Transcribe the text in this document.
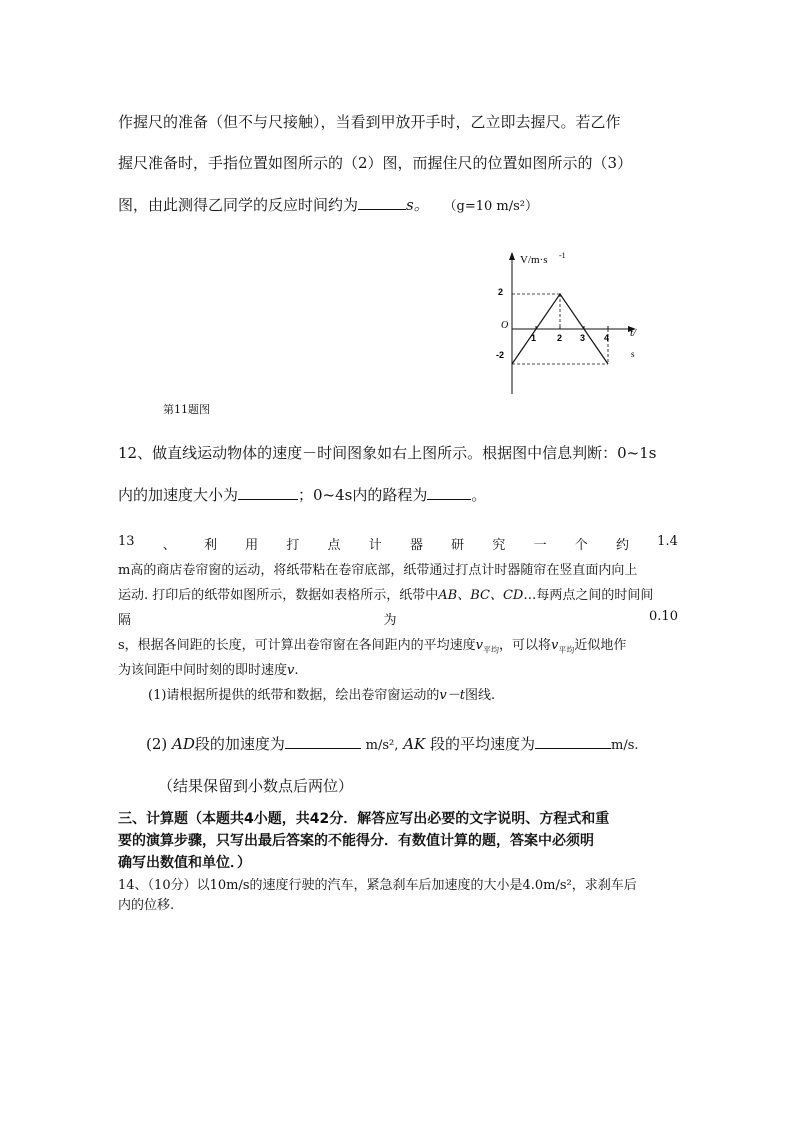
作握尺的准备（但不与尺接触），当看到甲放开手时，乙立即去握尺。若乙作
握尺准备时，手指位置如图所示的（2）图，而握住尺的位置如图所示的（3）
图，由此测得乙同学的反应时间约为	s。 （g=10 m/s²）
V/m·s -1
t/
s
O
2
-2
1 2 3 4
第11题图
12、做直线运动物体的速度－时间图象如右上图所示。根据图中信息判断：0~1s
内的加速度大小为	；0~4s内的路程为	。
13 、 利 用 打 点 计 器 研 究 一 个 约 1.4
m高的商店卷帘窗的运动，将纸带粘在卷帘底部，纸带通过打点计时器随帘在竖直面内向上
运动. 打印后的纸带如图所示，数据如表格所示，纸带中AB、BC、CD…每两点之间的时间间
隔	为	0.10
s，根据各间距的长度，可计算出卷帘窗在各间距内的平均速度$v_{平均}$，可以将$v_{平均}$近似地作
为该间距中间时刻的即时速度v.
(1)请根据所提供的纸带和数据，绘出卷帘窗运动的v－t图线.
(2) AD段的加速度为	m/s², AK 段的平均速度为	m/s.
（结果保留到小数点后两位）
三、计算题（本题共4小题，共42分．解答应写出必要的文字说明、方程式和重
要的演算步骤，只写出最后答案的不能得分．有数值计算的题，答案中必须明
确写出数值和单位．）
14、（10分）以10m/s的速度行驶的汽车，紧急刹车后加速度的大小是4.0m/s²，求刹车后
内的位移.
